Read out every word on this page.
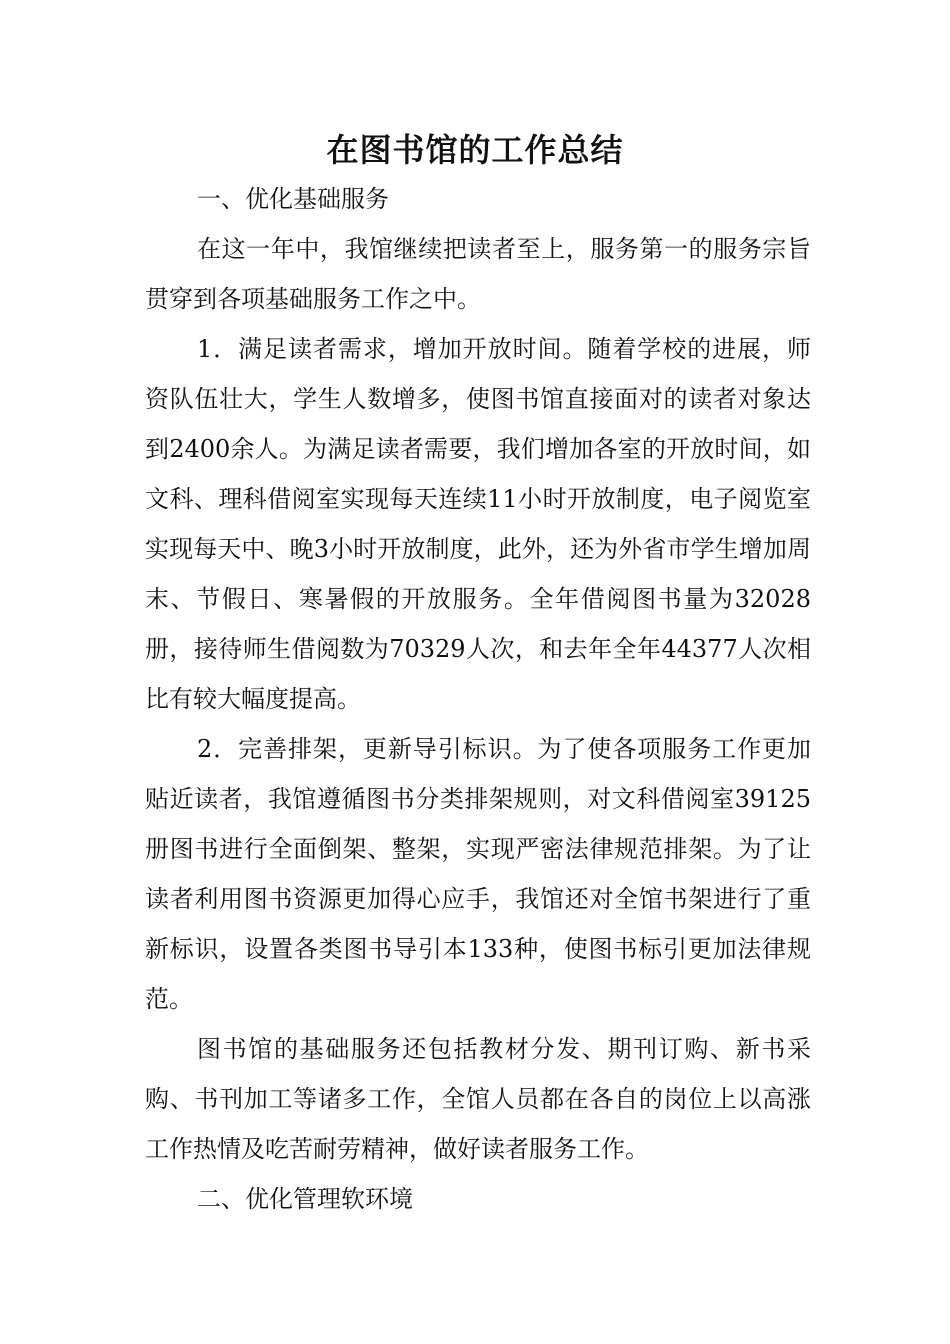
在图书馆的工作总结

一、优化基础服务

在这一年中，我馆继续把读者至上，服务第一的服务宗旨贯穿到各项基础服务工作之中。

1．满足读者需求，增加开放时间。随着学校的进展，师资队伍壮大，学生人数增多，使图书馆直接面对的读者对象达到2400余人。为满足读者需要，我们增加各室的开放时间，如文科、理科借阅室实现每天连续11小时开放制度，电子阅览室实现每天中、晚3小时开放制度，此外，还为外省市学生增加周末、节假日、寒暑假的开放服务。全年借阅图书量为32028册，接待师生借阅数为70329人次，和去年全年44377人次相比有较大幅度提高。

2．完善排架，更新导引标识。为了使各项服务工作更加贴近读者，我馆遵循图书分类排架规则，对文科借阅室39125册图书进行全面倒架、整架，实现严密法律规范排架。为了让读者利用图书资源更加得心应手，我馆还对全馆书架进行了重新标识，设置各类图书导引本133种，使图书标引更加法律规范。

图书馆的基础服务还包括教材分发、期刊订购、新书采购、书刊加工等诸多工作，全馆人员都在各自的岗位上以高涨工作热情及吃苦耐劳精神，做好读者服务工作。

二、优化管理软环境
